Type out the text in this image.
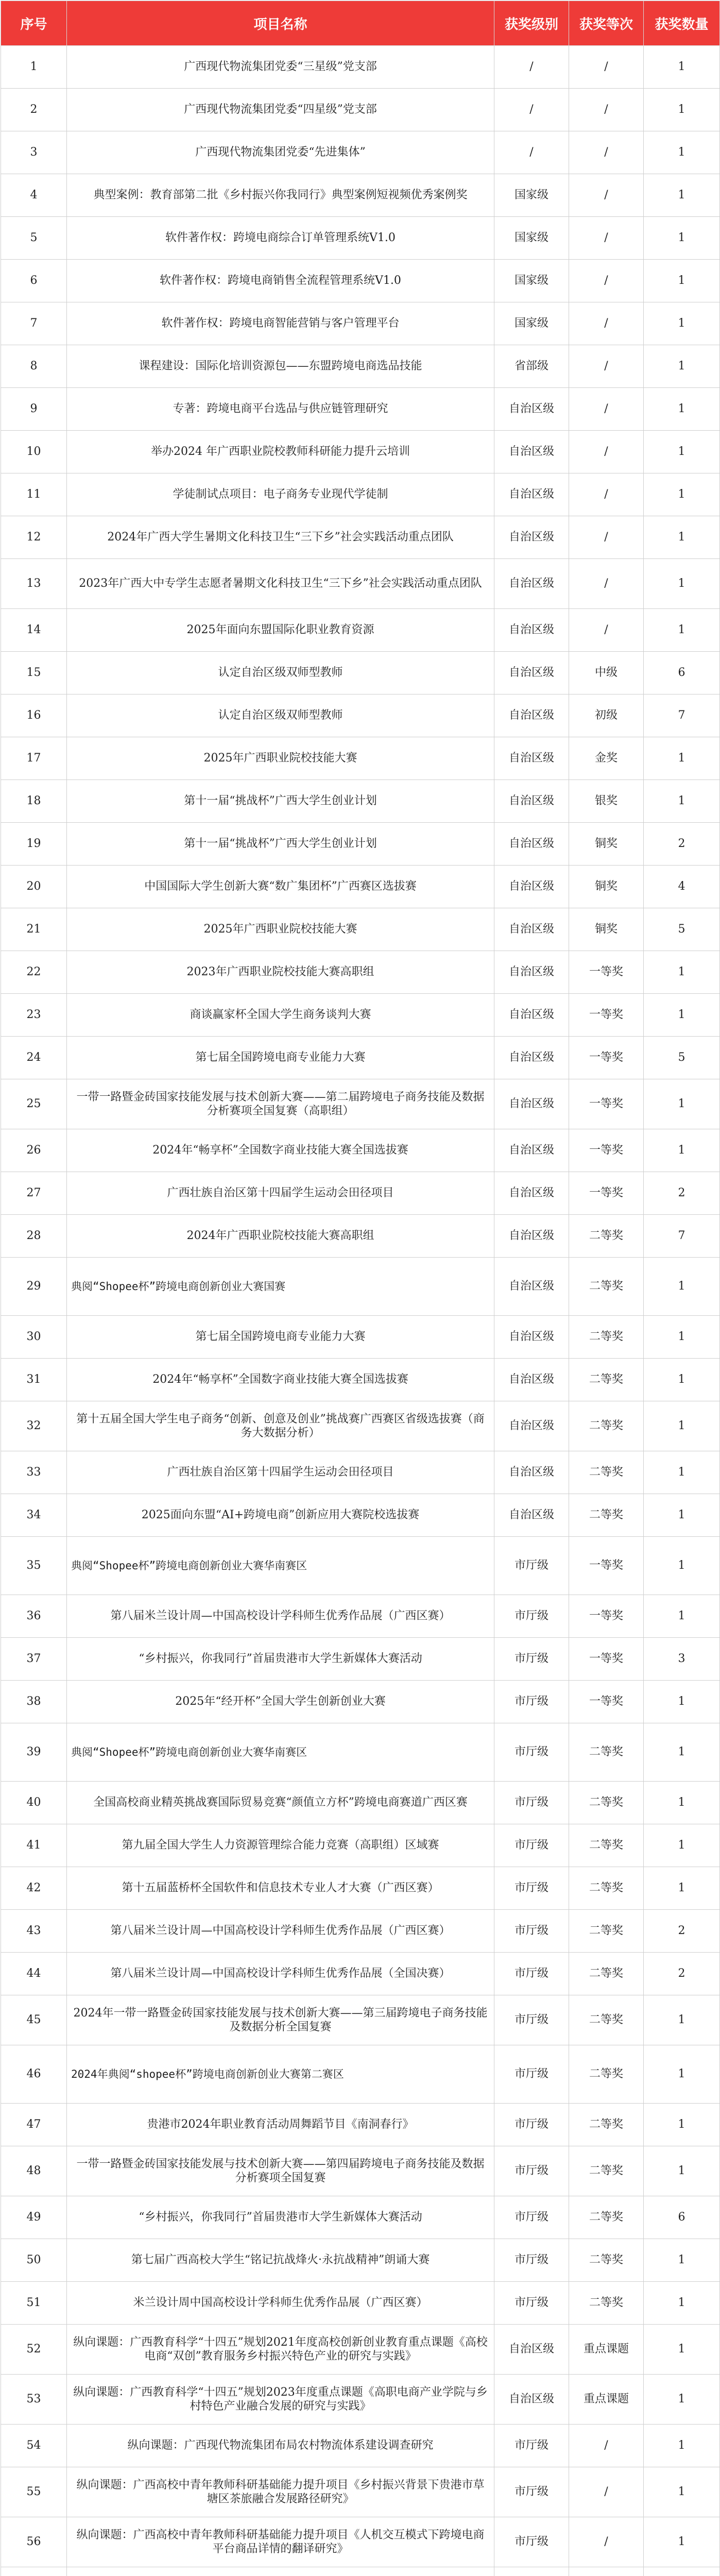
序号	项目名称	获奖级别	获奖等次	获奖数量
1	广西现代物流集团党委“三星级”党支部	/	/	1
2	广西现代物流集团党委“四星级”党支部	/	/	1
3	广西现代物流集团党委“先进集体”	/	/	1
4	典型案例：教育部第二批《乡村振兴你我同行》典型案例短视频优秀案例奖	国家级	/	1
5	软件著作权：跨境电商综合订单管理系统V1.0	国家级	/	1
6	软件著作权：跨境电商销售全流程管理系统V1.0	国家级	/	1
7	软件著作权：跨境电商智能营销与客户管理平台	国家级	/	1
8	课程建设：国际化培训资源包——东盟跨境电商选品技能	省部级	/	1
9	专著：跨境电商平台选品与供应链管理研究	自治区级	/	1
10	举办2024 年广西职业院校教师科研能力提升云培训	自治区级	/	1
11	学徒制试点项目：电子商务专业现代学徒制	自治区级	/	1
12	2024年广西大学生暑期文化科技卫生“三下乡”社会实践活动重点团队	自治区级	/	1
13	2023年广西大中专学生志愿者暑期文化科技卫生“三下乡”社会实践活动重点团队	自治区级	/	1
14	2025年面向东盟国际化职业教育资源	自治区级	/	1
15	认定自治区级双师型教师	自治区级	中级	6
16	认定自治区级双师型教师	自治区级	初级	7
17	2025年广西职业院校技能大赛	自治区级	金奖	1
18	第十一届“挑战杯”广西大学生创业计划	自治区级	银奖	1
19	第十一届“挑战杯”广西大学生创业计划	自治区级	铜奖	2
20	中国国际大学生创新大赛“数广集团杯”广西赛区选拔赛	自治区级	铜奖	4
21	2025年广西职业院校技能大赛	自治区级	铜奖	5
22	2023年广西职业院校技能大赛高职组	自治区级	一等奖	1
23	商谈赢家杯全国大学生商务谈判大赛	自治区级	一等奖	1
24	第七届全国跨境电商专业能力大赛	自治区级	一等奖	5
25	一带一路暨金砖国家技能发展与技术创新大赛——第二届跨境电子商务技能及数据分析赛项全国复赛（高职组）	自治区级	一等奖	1
26	2024年“畅享杯”全国数字商业技能大赛全国选拔赛	自治区级	一等奖	1
27	广西壮族自治区第十四届学生运动会田径项目	自治区级	一等奖	2
28	2024年广西职业院校技能大赛高职组	自治区级	二等奖	7
29	典阅“Shopee杯”跨境电商创新创业大赛国赛	自治区级	二等奖	1
30	第七届全国跨境电商专业能力大赛	自治区级	二等奖	1
31	2024年“畅享杯”全国数字商业技能大赛全国选拔赛	自治区级	二等奖	1
32	第十五届全国大学生电子商务“创新、创意及创业”挑战赛广西赛区省级选拔赛（商务大数据分析）	自治区级	二等奖	1
33	广西壮族自治区第十四届学生运动会田径项目	自治区级	二等奖	1
34	2025面向东盟“AI+跨境电商”创新应用大赛院校选拔赛	自治区级	二等奖	1
35	典阅“Shopee杯”跨境电商创新创业大赛华南赛区	市厅级	一等奖	1
36	第八届米兰设计周—中国高校设计学科师生优秀作品展（广西区赛）	市厅级	一等奖	1
37	“乡村振兴，你我同行”首届贵港市大学生新媒体大赛活动	市厅级	一等奖	3
38	2025年“经开杯”全国大学生创新创业大赛	市厅级	一等奖	1
39	典阅“Shopee杯”跨境电商创新创业大赛华南赛区	市厅级	二等奖	1
40	全国高校商业精英挑战赛国际贸易竞赛“颜值立方杯”跨境电商赛道广西区赛	市厅级	二等奖	1
41	第九届全国大学生人力资源管理综合能力竞赛（高职组）区域赛	市厅级	二等奖	1
42	第十五届蓝桥杯全国软件和信息技术专业人才大赛（广西区赛）	市厅级	二等奖	1
43	第八届米兰设计周—中国高校设计学科师生优秀作品展（广西区赛）	市厅级	二等奖	2
44	第八届米兰设计周—中国高校设计学科师生优秀作品展（全国决赛）	市厅级	二等奖	2
45	2024年一带一路暨金砖国家技能发展与技术创新大赛——第三届跨境电子商务技能及数据分析全国复赛	市厅级	二等奖	1
46	2024年典阅“shopee杯”跨境电商创新创业大赛第二赛区	市厅级	二等奖	1
47	贵港市2024年职业教育活动周舞蹈节目《南洞春行》	市厅级	二等奖	1
48	一带一路暨金砖国家技能发展与技术创新大赛——第四届跨境电子商务技能及数据分析赛项全国复赛	市厅级	二等奖	1
49	“乡村振兴，你我同行”首届贵港市大学生新媒体大赛活动	市厅级	二等奖	6
50	第七届广西高校大学生“铭记抗战烽火·永抗战精神”朗诵大赛	市厅级	二等奖	1
51	米兰设计周中国高校设计学科师生优秀作品展（广西区赛）	市厅级	二等奖	1
52	纵向课题：广西教育科学“十四五”规划2021年度高校创新创业教育重点课题《高校电商“双创”教育服务乡村振兴特色产业的研究与实践》	自治区级	重点课题	1
53	纵向课题：广西教育科学“十四五”规划2023年度重点课题《高职电商产业学院与乡村特色产业融合发展的研究与实践》	自治区级	重点课题	1
54	纵向课题：广西现代物流集团布局农村物流体系建设调查研究	市厅级	/	1
55	纵向课题：广西高校中青年教师科研基础能力提升项目《乡村振兴背景下贵港市草塘区茶旅融合发展路径研究》	市厅级	/	1
56	纵向课题：广西高校中青年教师科研基础能力提升项目《人机交互模式下跨境电商平台商品详情的翻译研究》	市厅级	/	1
